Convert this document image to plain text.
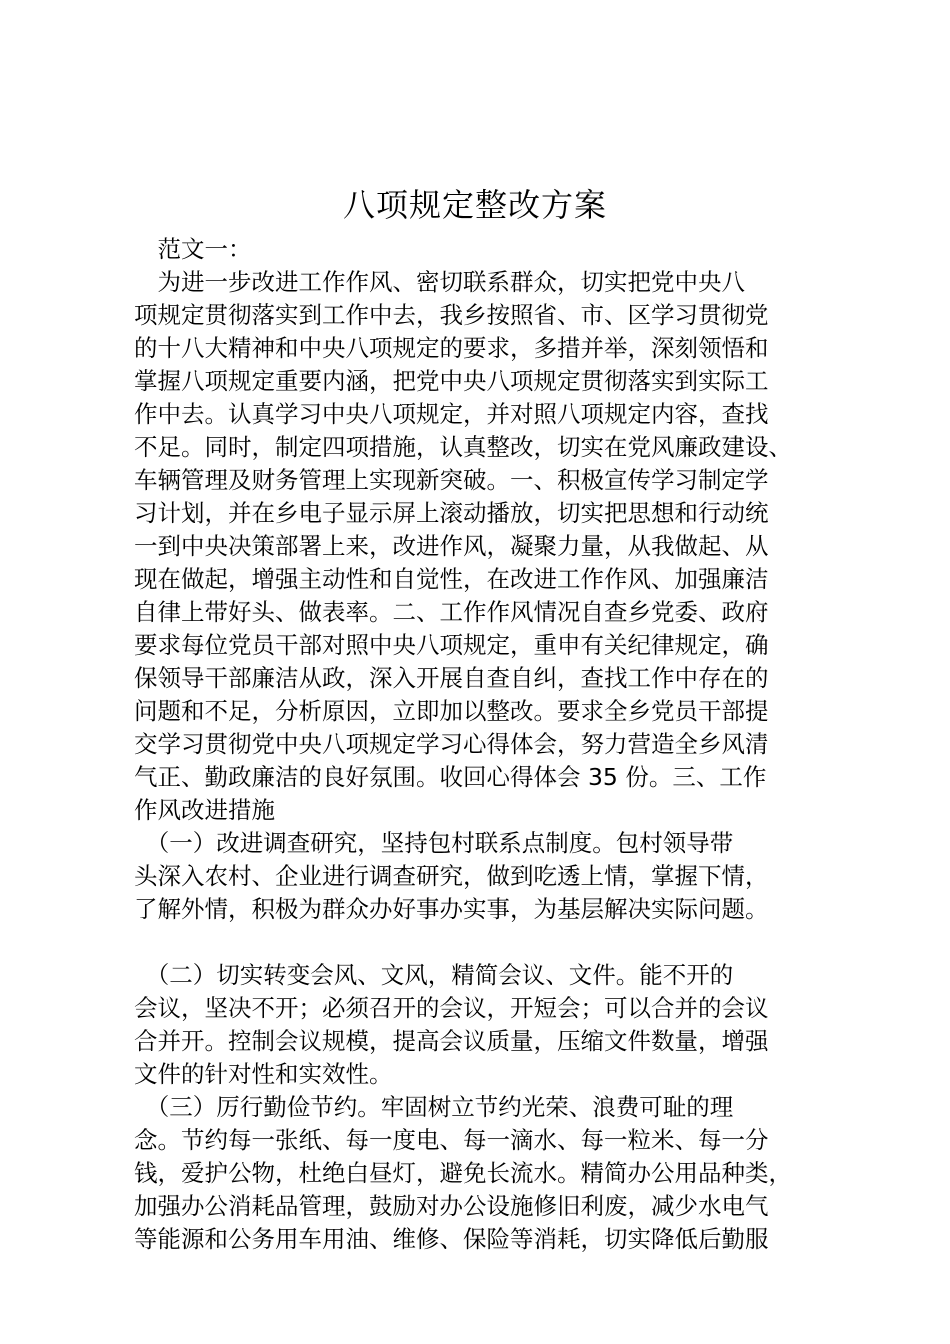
八项规定整改方案
　范文一：
　为进一步改进工作作风、密切联系群众，切实把党中央八
项规定贯彻落实到工作中去，我乡按照省、市、区学习贯彻党
的十八大精神和中央八项规定的要求，多措并举，深刻领悟和
掌握八项规定重要内涵，把党中央八项规定贯彻落实到实际工
作中去。认真学习中央八项规定，并对照八项规定内容，查找
不足。同时，制定四项措施，认真整改，切实在党风廉政建设、
车辆管理及财务管理上实现新突破。一、积极宣传学习制定学
习计划，并在乡电子显示屏上滚动播放，切实把思想和行动统
一到中央决策部署上来，改进作风，凝聚力量，从我做起、从
现在做起，增强主动性和自觉性，在改进工作作风、加强廉洁
自律上带好头、做表率。二、工作作风情况自查乡党委、政府
要求每位党员干部对照中央八项规定，重申有关纪律规定，确
保领导干部廉洁从政，深入开展自查自纠，查找工作中存在的
问题和不足，分析原因，立即加以整改。要求全乡党员干部提
交学习贯彻党中央八项规定学习心得体会，努力营造全乡风清
气正、勤政廉洁的良好氛围。收回心得体会 35 份。三、工作
作风改进措施
　（一）改进调查研究，坚持包村联系点制度。包村领导带
头深入农村、企业进行调查研究，做到吃透上情，掌握下情，
了解外情，积极为群众办好事办实事，为基层解决实际问题。
　（二）切实转变会风、文风，精简会议、文件。能不开的
会议，坚决不开；必须召开的会议，开短会；可以合并的会议
合并开。控制会议规模，提高会议质量，压缩文件数量，增强
文件的针对性和实效性。
　（三）厉行勤俭节约。牢固树立节约光荣、浪费可耻的理
念。节约每一张纸、每一度电、每一滴水、每一粒米、每一分
钱，爱护公物，杜绝白昼灯，避免长流水。精简办公用品种类，
加强办公消耗品管理，鼓励对办公设施修旧利废，减少水电气
等能源和公务用车用油、维修、保险等消耗，切实降低后勤服
